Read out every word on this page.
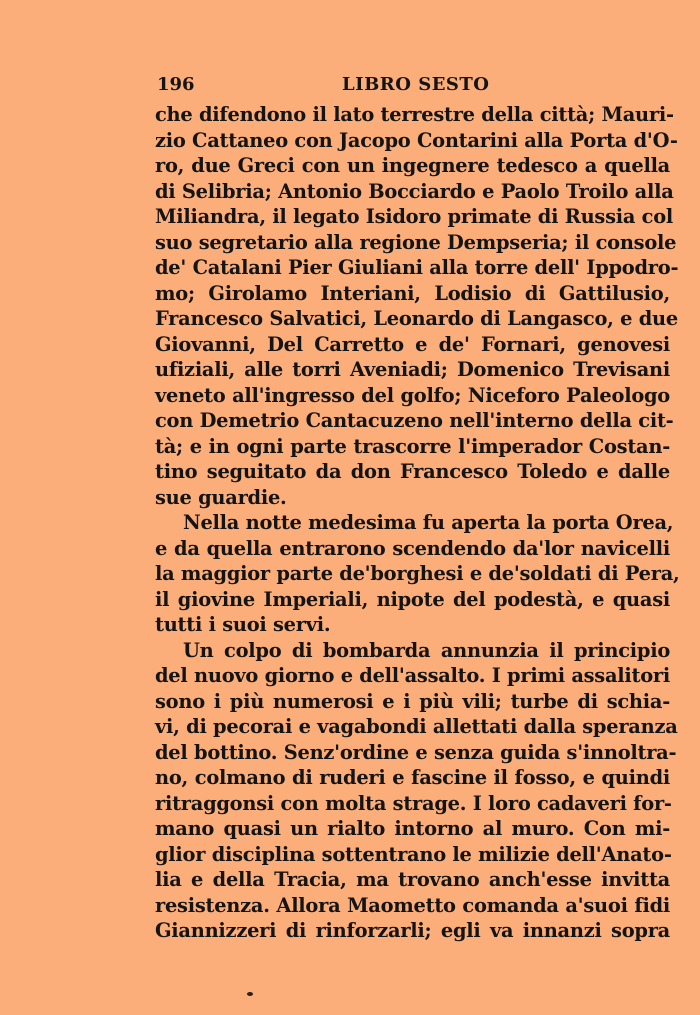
196	LIBRO SESTO
che difendono il lato terrestre della città; Mauri-
zio Cattaneo con Jacopo Contarini alla Porta d'O-
ro, due Greci con un ingegnere tedesco a quella
di Selibria; Antonio Bocciardo e Paolo Troilo alla
Miliandra, il legato Isidoro primate di Russia col
suo segretario alla regione Dempseria; il console
de' Catalani Pier Giuliani alla torre dell' Ippodro-
mo; Girolamo Interiani, Lodisio di Gattilusio,
Francesco Salvatici, Leonardo di Langasco, e due
Giovanni, Del Carretto e de' Fornari, genovesi
ufiziali, alle torri Aveniadi; Domenico Trevisani
veneto all'ingresso del golfo; Niceforo Paleologo
con Demetrio Cantacuzeno nell'interno della cit-
tà; e in ogni parte trascorre l'imperador Costan-
tino seguitato da don Francesco Toledo e dalle
sue guardie.
Nella notte medesima fu aperta la porta Orea,
e da quella entrarono scendendo da'lor navicelli
la maggior parte de'borghesi e de'soldati di Pera,
il giovine Imperiali, nipote del podestà, e quasi
tutti i suoi servi.
Un colpo di bombarda annunzia il principio
del nuovo giorno e dell'assalto. I primi assalitori
sono i più numerosi e i più vili; turbe di schia-
vi, di pecorai e vagabondi allettati dalla speranza
del bottino. Senz'ordine e senza guida s'innoltra-
no, colmano di ruderi e fascine il fosso, e quindi
ritraggonsi con molta strage. I loro cadaveri for-
mano quasi un rialto intorno al muro. Con mi-
glior disciplina sottentrano le milizie dell'Anato-
lia e della Tracia, ma trovano anch'esse invitta
resistenza. Allora Maometto comanda a'suoi fidi
Giannizzeri di rinforzarli; egli va innanzi sopra
